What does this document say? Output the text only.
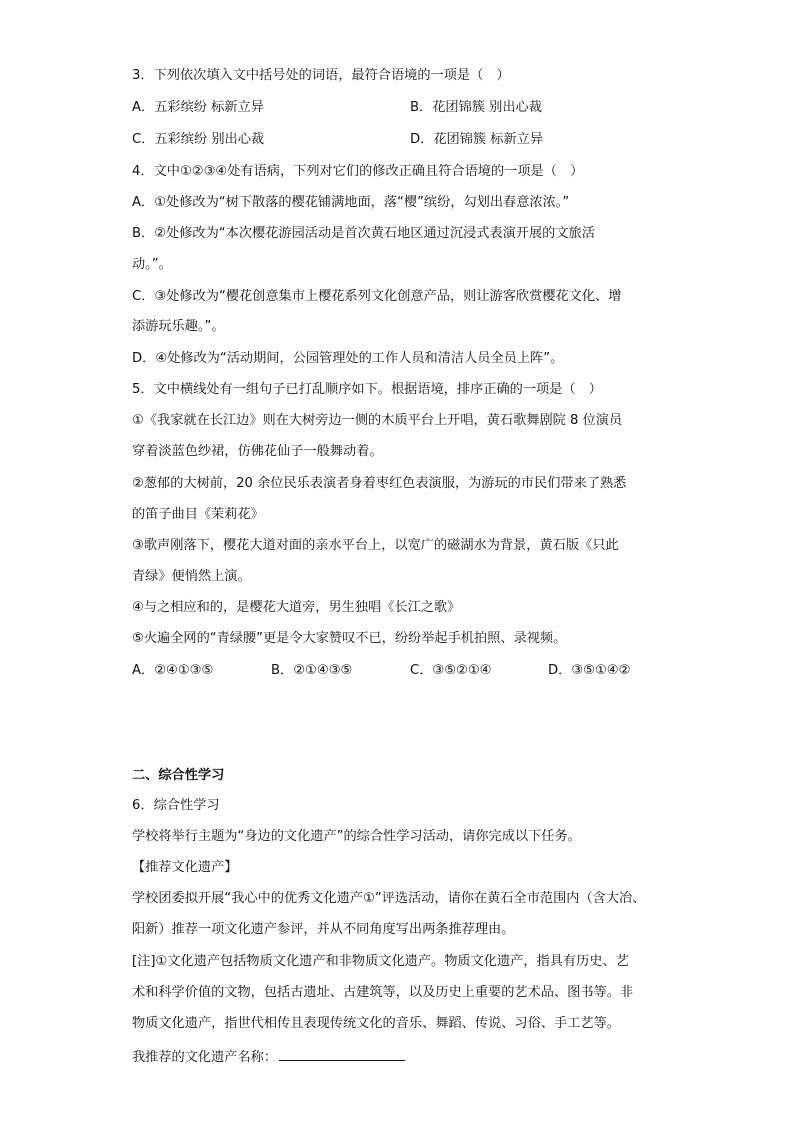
3．下列依次填入文中括号处的词语，最符合语境的一项是（　）
A．五彩缤纷 标新立异	B．花团锦簇 别出心裁
C．五彩缤纷 别出心裁	D．花团锦簇 标新立异
4．文中①②③④处有语病，下列对它们的修改正确且符合语境的一项是（　）
A．①处修改为“树下散落的樱花铺满地面，落“樱”缤纷，勾划出春意浓浓。”
B．②处修改为“本次樱花游园活动是首次黄石地区通过沉浸式表演开展的文旅活
动。”。
C．③处修改为“樱花创意集市上樱花系列文化创意产品，则让游客欣赏樱花文化、增
添游玩乐趣。”。
D．④处修改为“活动期间，公园管理处的工作人员和清洁人员全员上阵”。
5．文中横线处有一组句子已打乱顺序如下。根据语境，排序正确的一项是（　）
①《我家就在长江边》则在大树旁边一侧的木质平台上开唱，黄石歌舞剧院 8 位演员
穿着淡蓝色纱裙，仿佛花仙子一般舞动着。
②葱郁的大树前，20 余位民乐表演者身着枣红色表演服，为游玩的市民们带来了熟悉
的笛子曲目《茉莉花》
③歌声刚落下，樱花大道对面的亲水平台上，以宽广的磁湖水为背景，黄石版《只此
青绿》便悄然上演。
④与之相应和的，是樱花大道旁，男生独唱《长江之歌》
⑤火遍全网的“青绿腰”更是令大家赞叹不已，纷纷举起手机拍照、录视频。
A．②④①③⑤	B．②①④③⑤	C．③⑤②①④	D．③⑤①④②
二、综合性学习
6．综合性学习
学校将举行主题为“身边的文化遗产”的综合性学习活动，请你完成以下任务。
【推荐文化遗产】
学校团委拟开展“我心中的优秀文化遗产①”评选活动，请你在黄石全市范围内（含大冶、
阳新）推荐一项文化遗产参评，并从不同角度写出两条推荐理由。
[注]①文化遗产包括物质文化遗产和非物质文化遗产。物质文化遗产，指具有历史、艺
术和科学价值的文物，包括古遗址、古建筑等，以及历史上重要的艺术品、图书等。非
物质文化遗产，指世代相传且表现传统文化的音乐、舞蹈、传说、习俗、手工艺等。
我推荐的文化遗产名称：
